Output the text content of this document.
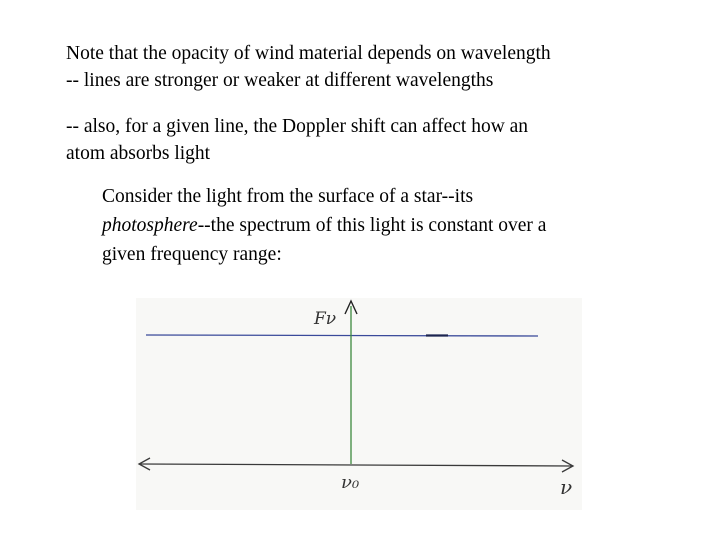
Note that the opacity of wind material depends on wavelength
-- lines are stronger or weaker at different wavelengths

-- also, for a given line, the Doppler shift can affect how an
atom absorbs light

Consider the light from the surface of a star--its
photosphere--the spectrum of this light is constant over a
given frequency range:

Fν
ν₀	ν
